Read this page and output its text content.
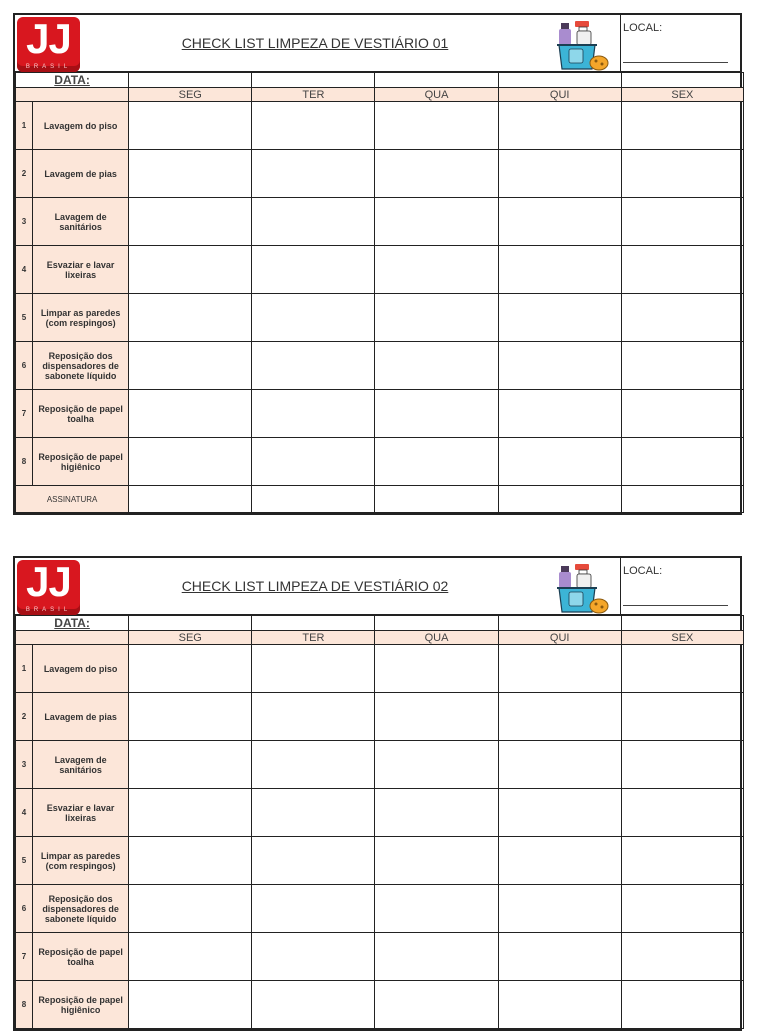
JJ
BRASIL
CHECK LIST LIMPEZA DE VESTIÁRIO 01
LOCAL:
DATA:						
		SEG	TER	QUA	QUI	SEX
1	Lavagem do piso					
2	Lavagem de pias					
3	Lavagem de sanitários					
4	Esvaziar e lavar lixeiras					
5	Limpar as paredes (com respingos)					
6	Reposição dos dispensadores de sabonete líquido					
7	Reposição de papel toalha					
8	Reposição de papel higiênico					
ASSINATURA						
JJ
BRASIL
CHECK LIST LIMPEZA DE VESTIÁRIO 02
LOCAL:
DATA:						
		SEG	TER	QUA	QUI	SEX
1	Lavagem do piso					
2	Lavagem de pias					
3	Lavagem de sanitários					
4	Esvaziar e lavar lixeiras					
5	Limpar as paredes (com respingos)					
6	Reposição dos dispensadores de sabonete líquido					
7	Reposição de papel toalha					
8	Reposição de papel higiênico					
